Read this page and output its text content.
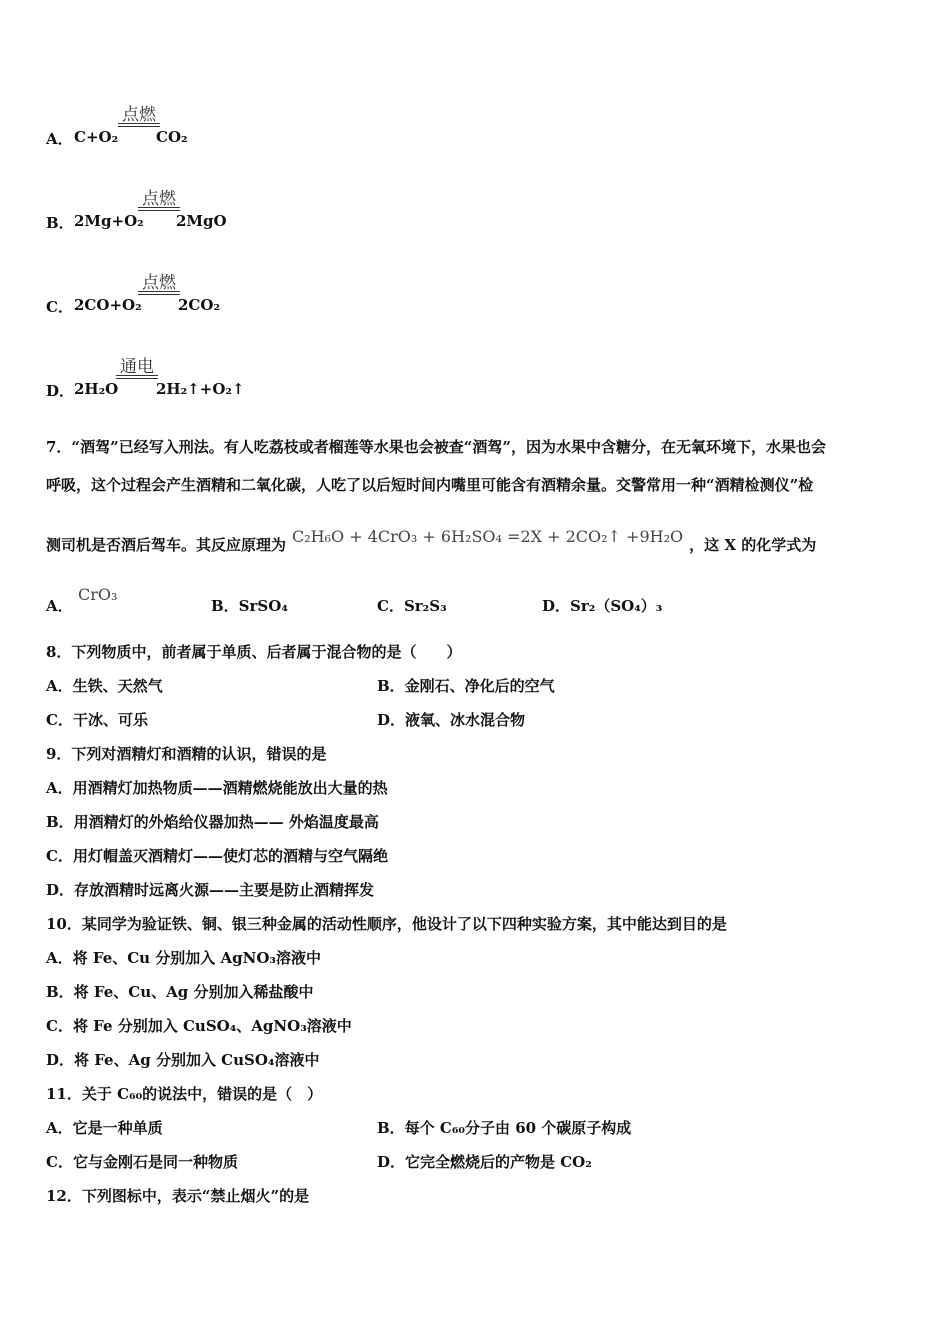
A． C+O₂
点燃
CO₂
B． 2Mg+O₂
点燃
2MgO
C． 2CO+O₂
点燃
2CO₂
D． 2H₂O
通电
2H₂↑+O₂↑
7．“酒驾”已经写入刑法。有人吃荔枝或者榴莲等水果也会被查“酒驾”，因为水果中含糖分，在无氧环境下，水果也会
呼吸，这个过程会产生酒精和二氧化碳，人吃了以后短时间内嘴里可能含有酒精余量。交警常用一种“酒精检测仪”检
测司机是否酒后驾车。其反应原理为 C₂H₆O + 4CrO₃ + 6H₂SO₄ =2X + 2CO₂↑ +9H₂O ，这 X 的化学式为
A．
CrO₃
B．SrSO₄	C．Sr₂S₃	D．Sr₂（SO₄）₃
8．下列物质中，前者属于单质、后者属于混合物的是（　　）
A．生铁、天然气	B．金刚石、净化后的空气
C．干冰、可乐	D．液氧、冰水混合物
9．下列对酒精灯和酒精的认识，错误的是
A．用酒精灯加热物质——酒精燃烧能放出大量的热
B．用酒精灯的外焰给仪器加热—— 外焰温度最高
C．用灯帽盖灭酒精灯——使灯芯的酒精与空气隔绝
D．存放酒精时远离火源——主要是防止酒精挥发
10．某同学为验证铁、铜、银三种金属的活动性顺序，他设计了以下四种实验方案，其中能达到目的是
A．将 Fe、Cu 分别加入 AgNO₃溶液中
B．将 Fe、Cu、Ag 分别加入稀盐酸中
C．将 Fe 分别加入 CuSO₄、AgNO₃溶液中
D．将 Fe、Ag 分别加入 CuSO₄溶液中
11．关于 C₆₀的说法中，错误的是（　）
A．它是一种单质	B．每个 C₆₀分子由 60 个碳原子构成
C．它与金刚石是同一种物质	D．它完全燃烧后的产物是 CO₂
12．下列图标中，表示“禁止烟火”的是
